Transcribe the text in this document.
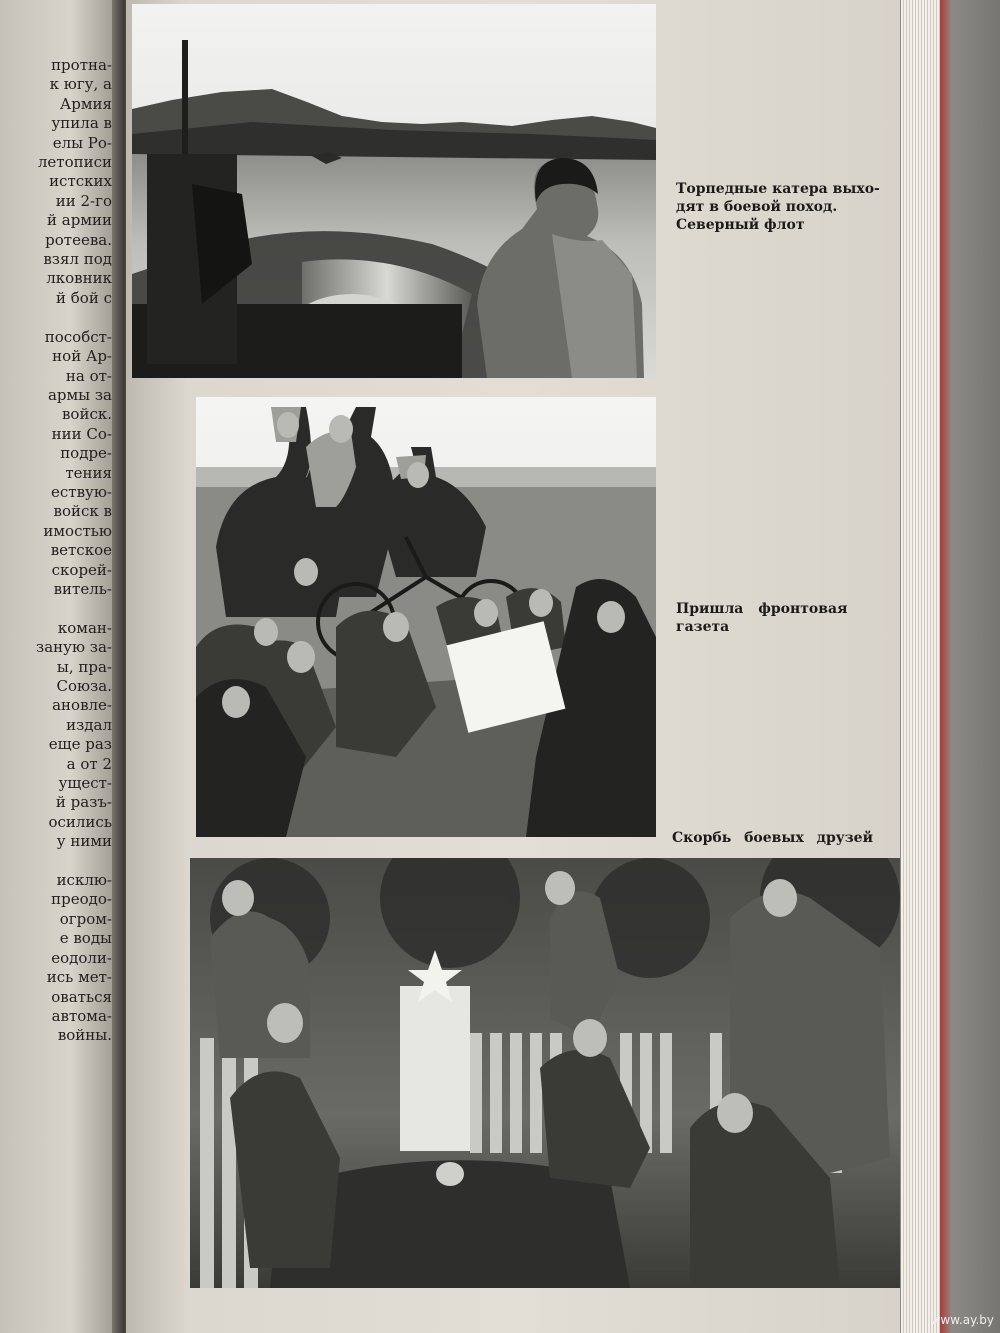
протна-
к югу, а
Армия
упила в
елы Ро-
летописи
истских
ии 2-го
й армии
ротеева.
взял под
лковник
й бой с

пособст-
ной Ар-
на от-
армы за
войск.
нии Со-
подре-
тения
ествую-
войск в
имостью
ветское
скорей-
витель-

коман-
заную за-
ы, пра-
Союза.
ановле-
издал
еще раз
а от 2
ущест-
й разъ-
осились
у ними

исклю-
преодо-
огром-
е воды
еодоли-
ись мет-
оваться
автома-
войны.
Торпедные катера выхо-
дят в боевой поход.
Северный флот
Пришла фронтовая
газета
Скорбь боевых друзей
www.ay.by
